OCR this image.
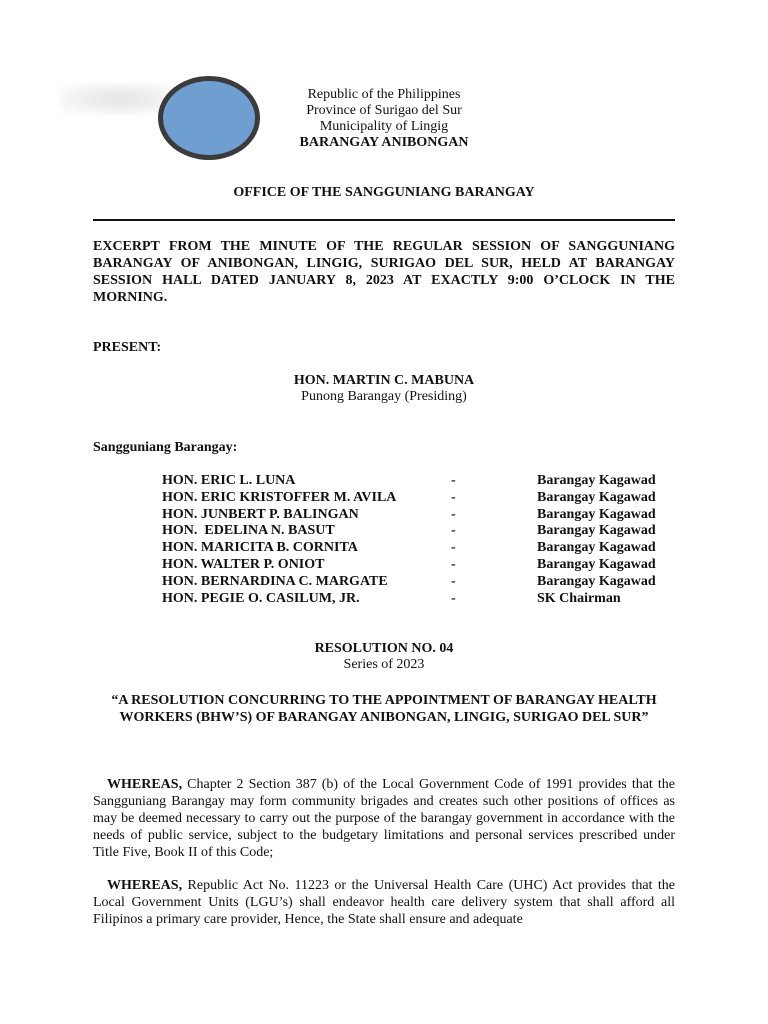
Republic of the Philippines
Province of Surigao del Sur
Municipality of Lingig
BARANGAY ANIBONGAN
OFFICE OF THE SANGGUNIANG BARANGAY
EXCERPT FROM THE MINUTE OF THE REGULAR SESSION OF SANGGUNIANG BARANGAY OF ANIBONGAN, LINGIG, SURIGAO DEL SUR, HELD AT BARANGAY SESSION HALL DATED JANUARY 8, 2023 AT EXACTLY 9:00 O’CLOCK IN THE MORNING.
PRESENT:
HON. MARTIN C. MABUNA
Punong Barangay (Presiding)
Sangguniang Barangay:
HON. ERIC L. LUNA	-	Barangay Kagawad
HON. ERIC KRISTOFFER M. AVILA	-	Barangay Kagawad
HON. JUNBERT P. BALINGAN	-	Barangay Kagawad
HON.  EDELINA N. BASUT	-	Barangay Kagawad
HON. MARICITA B. CORNITA	-	Barangay Kagawad
HON. WALTER P. ONIOT	-	Barangay Kagawad
HON. BERNARDINA C. MARGATE	-	Barangay Kagawad
HON. PEGIE O. CASILUM, JR.	-	SK Chairman
RESOLUTION NO. 04
Series of 2023
“A RESOLUTION CONCURRING TO THE APPOINTMENT OF BARANGAY HEALTH WORKERS (BHW’S) OF BARANGAY ANIBONGAN, LINGIG, SURIGAO DEL SUR”
WHEREAS, Chapter 2 Section 387 (b) of the Local Government Code of 1991 provides that the Sangguniang Barangay may form community brigades and creates such other positions of offices as may be deemed necessary to carry out the purpose of the barangay government in accordance with the needs of public service, subject to the budgetary limitations and personal services prescribed under Title Five, Book II of this Code;
WHEREAS, Republic Act No. 11223 or the Universal Health Care (UHC) Act provides that the Local Government Units (LGU’s) shall endeavor health care delivery system that shall afford all Filipinos a primary care provider, Hence, the State shall ensure and adequate
